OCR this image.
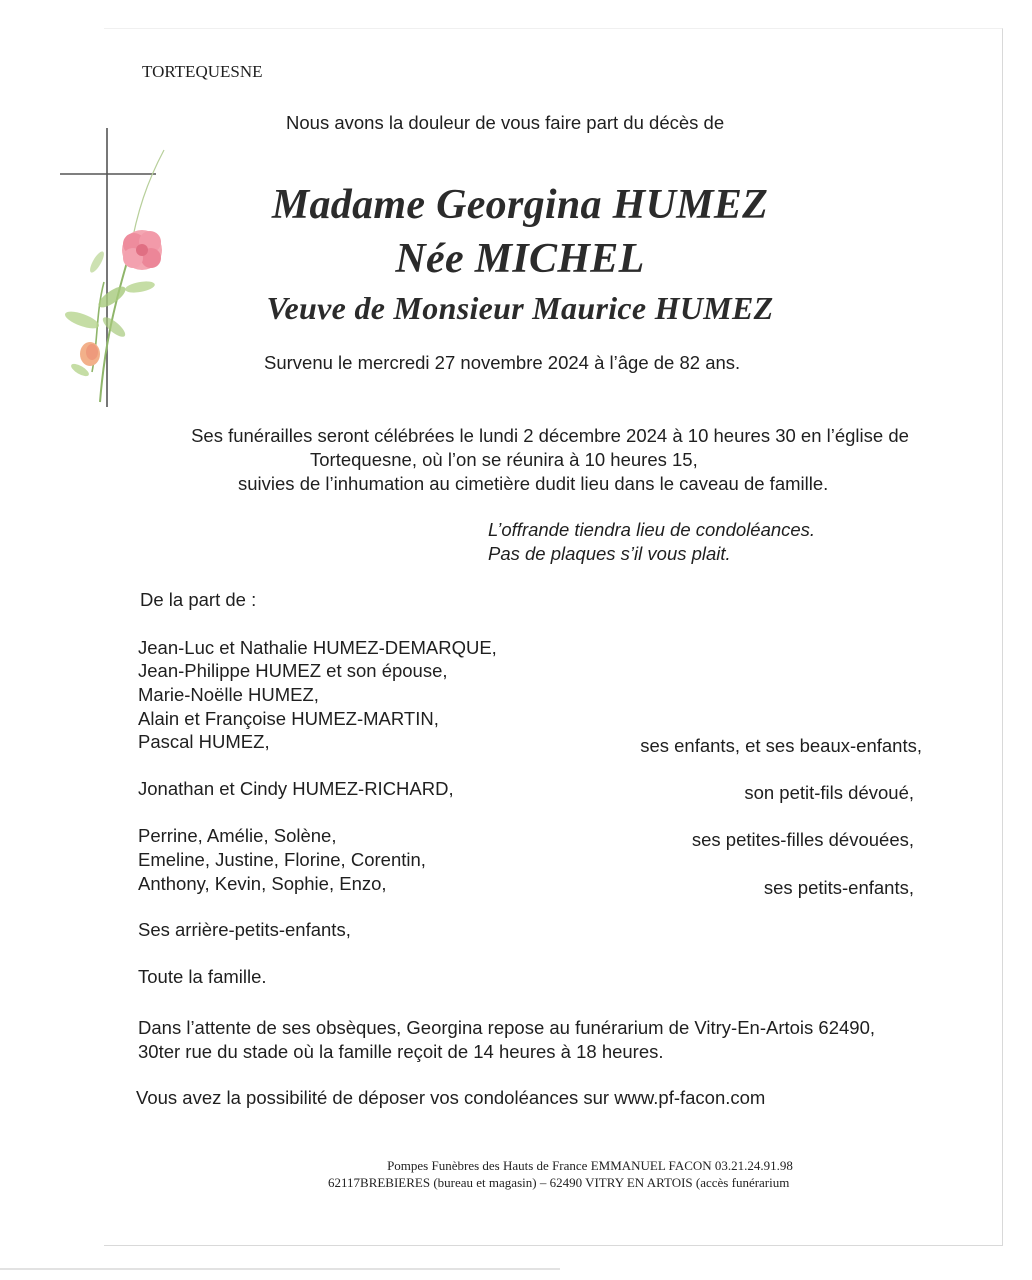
TORTEQUESNE
Nous avons la douleur de vous faire part du décès de
Madame Georgina HUMEZ
Née MICHEL
Veuve de Monsieur Maurice HUMEZ
Survenu le mercredi 27 novembre 2024 à l’âge de 82 ans.
Ses funérailles seront célébrées le lundi 2 décembre 2024 à 10 heures 30 en l’église de
Tortequesne, où l’on se réunira à 10 heures 15,
suivies de l’inhumation au cimetière dudit lieu dans le caveau de famille.
L’offrande tiendra lieu de condoléances.
Pas de plaques s’il vous plait.
De la part de :
Jean-Luc et Nathalie HUMEZ-DEMARQUE,
Jean-Philippe HUMEZ et son épouse,
Marie-Noëlle HUMEZ,
Alain et Françoise HUMEZ-MARTIN,
Pascal HUMEZ,	ses enfants, et ses beaux-enfants,
Jonathan et Cindy HUMEZ-RICHARD,	son petit-fils dévoué,
Perrine, Amélie, Solène,	ses petites-filles dévouées,
Emeline, Justine, Florine, Corentin,
Anthony, Kevin, Sophie, Enzo,	ses petits-enfants,
Ses arrière-petits-enfants,
Toute la famille.
Dans l’attente de ses obsèques, Georgina repose au funérarium de Vitry-En-Artois 62490,
30ter rue du stade où la famille reçoit de 14 heures à 18 heures.
Vous avez la possibilité de déposer vos condoléances sur www.pf-facon.com
Pompes Funèbres des Hauts de France EMMANUEL FACON 03.21.24.91.98
62117BREBIERES (bureau et magasin) – 62490 VITRY EN ARTOIS (accès funérarium
